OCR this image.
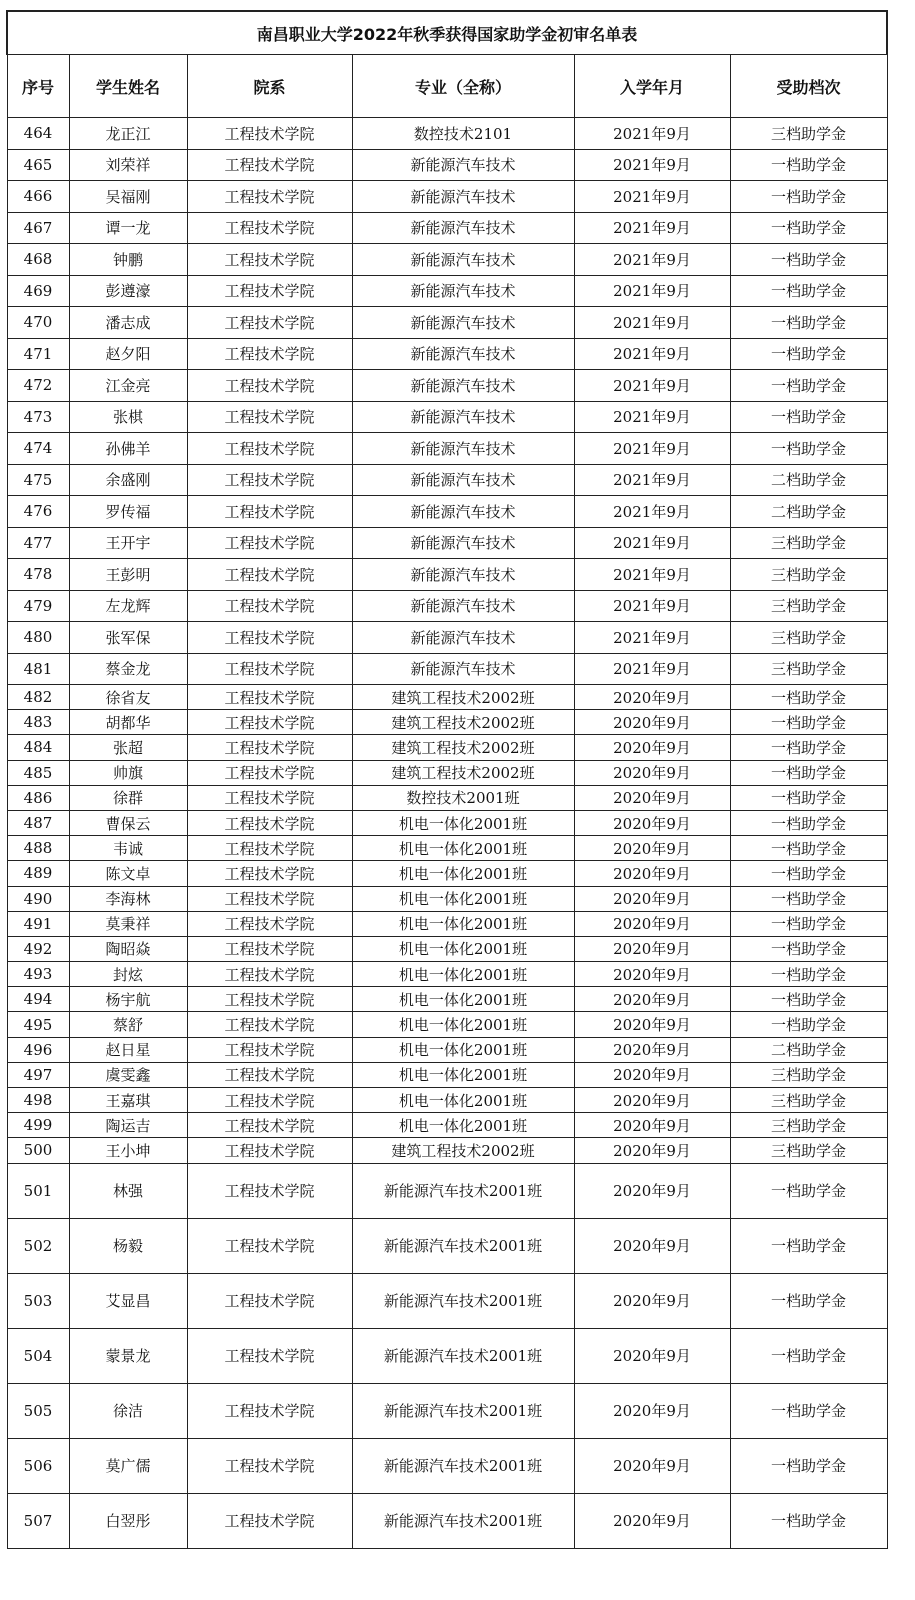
南昌职业大学2022年秋季获得国家助学金初审名单表					
序号	学生姓名	院系	专业（全称）	入学年月	受助档次
464	龙正江	工程技术学院	数控技术2101	2021年9月	三档助学金
465	刘荣祥	工程技术学院	新能源汽车技术	2021年9月	一档助学金
466	吴福刚	工程技术学院	新能源汽车技术	2021年9月	一档助学金
467	谭一龙	工程技术学院	新能源汽车技术	2021年9月	一档助学金
468	钟鹏	工程技术学院	新能源汽车技术	2021年9月	一档助学金
469	彭遵濠	工程技术学院	新能源汽车技术	2021年9月	一档助学金
470	潘志成	工程技术学院	新能源汽车技术	2021年9月	一档助学金
471	赵夕阳	工程技术学院	新能源汽车技术	2021年9月	一档助学金
472	江金亮	工程技术学院	新能源汽车技术	2021年9月	一档助学金
473	张棋	工程技术学院	新能源汽车技术	2021年9月	一档助学金
474	孙佛羊	工程技术学院	新能源汽车技术	2021年9月	一档助学金
475	余盛刚	工程技术学院	新能源汽车技术	2021年9月	二档助学金
476	罗传福	工程技术学院	新能源汽车技术	2021年9月	二档助学金
477	王开宇	工程技术学院	新能源汽车技术	2021年9月	三档助学金
478	王彭明	工程技术学院	新能源汽车技术	2021年9月	三档助学金
479	左龙辉	工程技术学院	新能源汽车技术	2021年9月	三档助学金
480	张军保	工程技术学院	新能源汽车技术	2021年9月	三档助学金
481	蔡金龙	工程技术学院	新能源汽车技术	2021年9月	三档助学金
482	徐省友	工程技术学院	建筑工程技术2002班	2020年9月	一档助学金
483	胡都华	工程技术学院	建筑工程技术2002班	2020年9月	一档助学金
484	张超	工程技术学院	建筑工程技术2002班	2020年9月	一档助学金
485	帅旗	工程技术学院	建筑工程技术2002班	2020年9月	一档助学金
486	徐群	工程技术学院	数控技术2001班	2020年9月	一档助学金
487	曹保云	工程技术学院	机电一体化2001班	2020年9月	一档助学金
488	韦诚	工程技术学院	机电一体化2001班	2020年9月	一档助学金
489	陈文卓	工程技术学院	机电一体化2001班	2020年9月	一档助学金
490	李海林	工程技术学院	机电一体化2001班	2020年9月	一档助学金
491	莫秉祥	工程技术学院	机电一体化2001班	2020年9月	一档助学金
492	陶昭焱	工程技术学院	机电一体化2001班	2020年9月	一档助学金
493	封炫	工程技术学院	机电一体化2001班	2020年9月	一档助学金
494	杨宇航	工程技术学院	机电一体化2001班	2020年9月	一档助学金
495	蔡舒	工程技术学院	机电一体化2001班	2020年9月	一档助学金
496	赵日星	工程技术学院	机电一体化2001班	2020年9月	二档助学金
497	虞雯鑫	工程技术学院	机电一体化2001班	2020年9月	三档助学金
498	王嘉琪	工程技术学院	机电一体化2001班	2020年9月	三档助学金
499	陶运吉	工程技术学院	机电一体化2001班	2020年9月	三档助学金
500	王小坤	工程技术学院	建筑工程技术2002班	2020年9月	三档助学金
501	林强	工程技术学院	新能源汽车技术2001班	2020年9月	一档助学金
502	杨毅	工程技术学院	新能源汽车技术2001班	2020年9月	一档助学金
503	艾显昌	工程技术学院	新能源汽车技术2001班	2020年9月	一档助学金
504	蒙景龙	工程技术学院	新能源汽车技术2001班	2020年9月	一档助学金
505	徐洁	工程技术学院	新能源汽车技术2001班	2020年9月	一档助学金
506	莫广儒	工程技术学院	新能源汽车技术2001班	2020年9月	一档助学金
507	白翌彤	工程技术学院	新能源汽车技术2001班	2020年9月	一档助学金
